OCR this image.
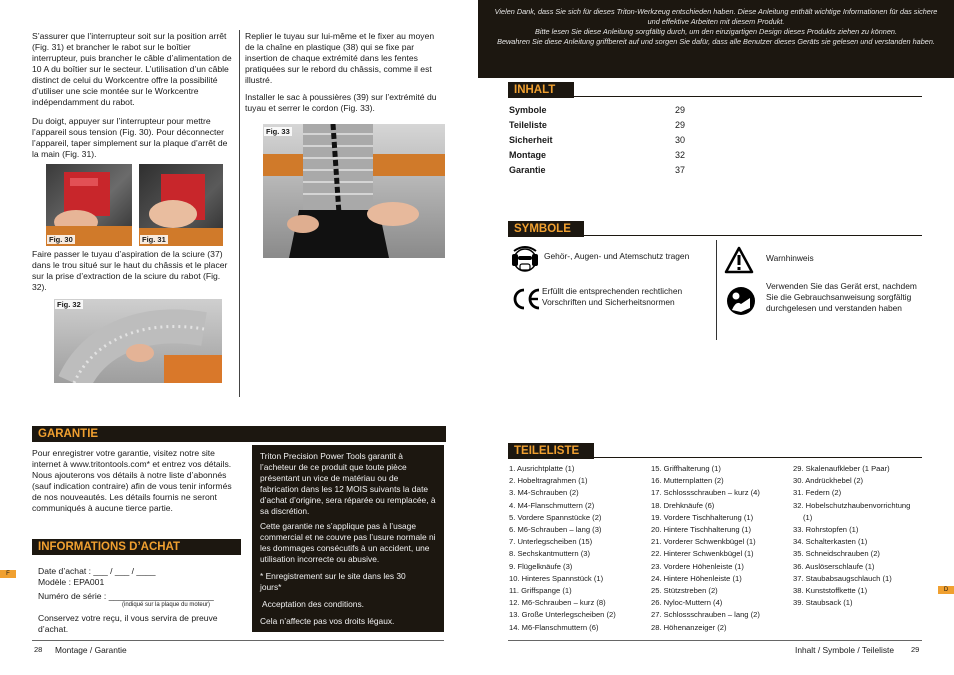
S’assurer que l’interrupteur soit sur la position arrêt (Fig. 31) et brancher le rabot sur le boîtier interrupteur, puis brancher le câble d’alimentation de 10 A du boîtier sur le secteur. L’utilisation d’un câble distinct de celui du Workcentre offre la possibilité d’utiliser une scie montée sur le Workcentre indépendamment du rabot.
Du doigt, appuyer sur l’interrupteur pour mettre l’appareil sous tension (Fig. 30). Pour déconnecter l’appareil, taper simplement sur la plaque d’arrêt de la main (Fig. 31).
Fig. 30	Fig. 31
Faire passer le tuyau d’aspiration de la sciure (37) dans le trou situé sur le haut du châssis et le placer sur la prise d’extraction de la sciure du rabot (Fig. 32).
Fig. 32
Replier le tuyau sur lui-même et le fixer au moyen de la chaîne en plastique (38) qui se fixe par insertion de chaque extrémité dans les fentes pratiquées sur le rebord du châssis, comme il est illustré.
Installer le sac à poussières (39) sur l’extrémité du tuyau et serrer le cordon (Fig. 33).
Fig. 33
GARANTIE
Pour enregistrer votre garantie, visitez notre site internet à www.tritontools.com* et entrez vos détails. Nous ajouterons vos détails à notre liste d’abonnés (sauf indication contraire) afin de vous tenir informés de nos nouveautés. Les détails fournis ne seront communiqués à aucune tierce partie.
INFORMATIONS D’ACHAT
Date d’achat : ___ / ___ / ____
Modèle : EPA001
Numéro de série : ______________________
(indiqué sur la plaque du moteur)
Conservez votre reçu, il vous servira de preuve d’achat.
Triton Precision Power Tools garantit à l’acheteur de ce produit que toute pièce présentant un vice de matériau ou de fabrication dans les 12 MOIS suivants la date d’achat d’origine, sera réparée ou remplacée, à sa discrétion.
Cette garantie ne s’applique pas à l’usage commercial et ne couvre pas l’usure normale ni les dommages consécutifs à un accident, une utilisation incorrecte ou abusive.
* Enregistrement sur le site dans les 30 jours*
Acceptation des conditions.
Cela n’affecte pas vos droits légaux.
F
28 Montage / Garantie
Vielen Dank, dass Sie sich für dieses Triton-Werkzeug entschieden haben. Diese Anleitung enthält wichtige Informationen für das sichere und effektive Arbeiten mit diesem Produkt.
Bitte lesen Sie diese Anleitung sorgfältig durch, um den einzigartigen Design dieses Produkts ziehen zu können.
Bewahren Sie diese Anleitung griffbereit auf und sorgen Sie dafür, dass alle Benutzer dieses Geräts sie gelesen und verstanden haben.
INHALT
Symbole	29
Teileliste	29
Sicherheit	30
Montage	32
Garantie	37
SYMBOLE
Gehör-, Augen- und Atemschutz tragen
Erfüllt die entsprechenden rechtlichen Vorschriften und Sicherheitsnormen
Warnhinweis
Verwenden Sie das Gerät erst, nachdem Sie die Gebrauchsanweisung sorgfältig durchgelesen und verstanden haben
TEILELISTE
1. Ausrichtplatte (1)
2. Hobeltragrahmen (1)
3. M4-Schrauben (2)
4. M4-Flanschmuttern (2)
5. Vordere Spannstücke (2)
6. M6-Schrauben – lang (3)
7. Unterlegscheiben (15)
8. Sechskantmuttern (3)
9. Flügelknäufe (3)
10. Hinteres Spannstück (1)
11. Griffspange (1)
12. M6-Schrauben – kurz (8)
13. Große Unterlegscheiben (2)
14. M6-Flanschmuttern (6)
15. Griffhalterung (1)
16. Mutternplatten (2)
17. Schlossschrauben – kurz (4)
18. Drehknäufe (6)
19. Vordere Tischhalterung (1)
20. Hintere Tischhalterung (1)
21. Vorderer Schwenkbügel (1)
22. Hinterer Schwenkbügel (1)
23. Vordere Höhenleiste (1)
24. Hintere Höhenleiste (1)
25. Stützstreben (2)
26. Nyloc-Muttern (4)
27. Schlossschrauben – lang (2)
28. Höhenanzeiger (2)
29. Skalenaufkleber (1 Paar)
30. Andrückhebel (2)
31. Federn (2)
32. Hobelschutzhaubenvorrichtung
(1)
33. Rohrstopfen (1)
34. Schalterkasten (1)
35. Schneidschrauben (2)
36. Auslöserschlaufe (1)
37. Staubabsaugschlauch (1)
38. Kunststoffkette (1)
39. Staubsack (1)
D
Inhalt / Symbole / Teileliste 29
